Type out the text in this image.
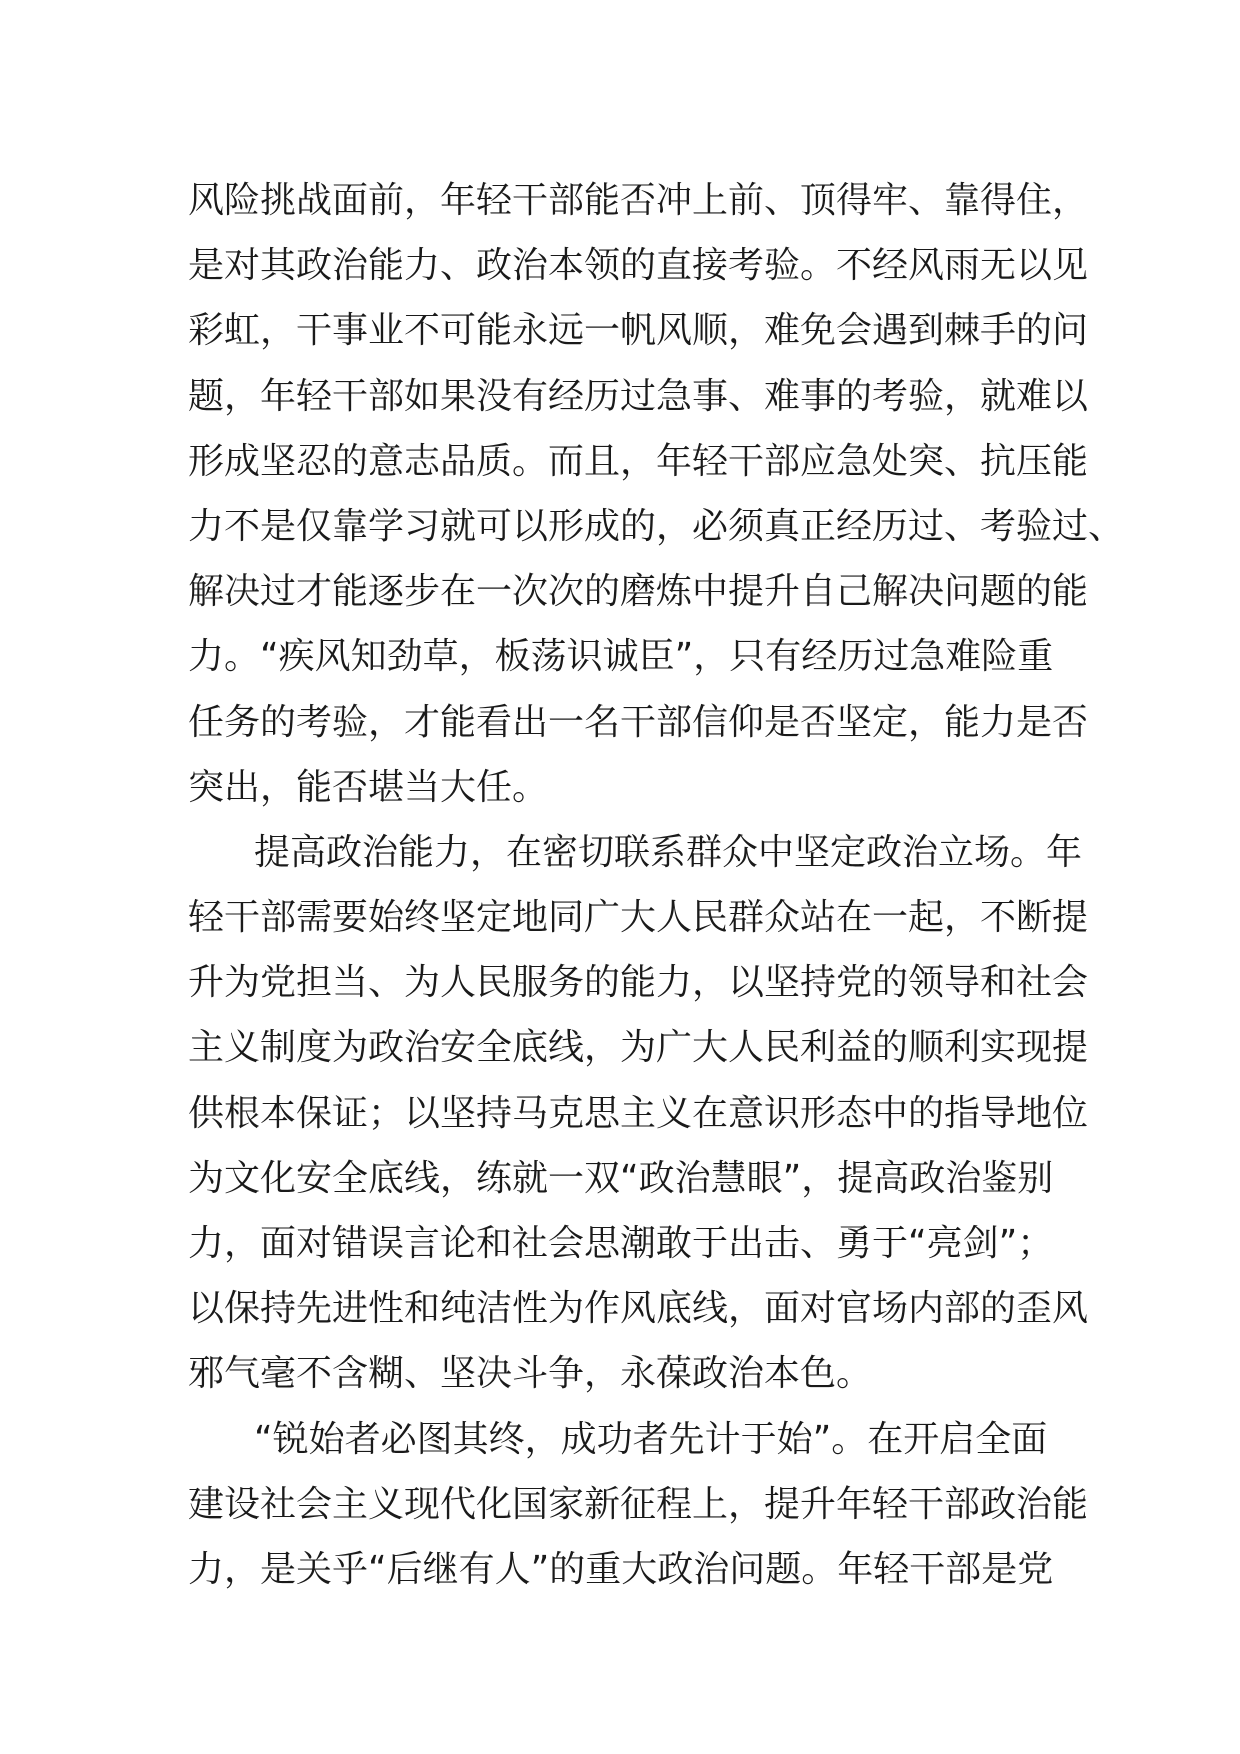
风险挑战面前，年轻干部能否冲上前、顶得牢、靠得住，
是对其政治能力、政治本领的直接考验。不经风雨无以见
彩虹，干事业不可能永远一帆风顺，难免会遇到棘手的问
题，年轻干部如果没有经历过急事、难事的考验，就难以
形成坚忍的意志品质。而且，年轻干部应急处突、抗压能
力不是仅靠学习就可以形成的，必须真正经历过、考验过、
解决过才能逐步在一次次的磨炼中提升自己解决问题的能
力。“疾风知劲草，板荡识诚臣”，只有经历过急难险重
任务的考验，才能看出一名干部信仰是否坚定，能力是否
突出，能否堪当大任。
提高政治能力，在密切联系群众中坚定政治立场。年
轻干部需要始终坚定地同广大人民群众站在一起，不断提
升为党担当、为人民服务的能力，以坚持党的领导和社会
主义制度为政治安全底线，为广大人民利益的顺利实现提
供根本保证；以坚持马克思主义在意识形态中的指导地位
为文化安全底线，练就一双“政治慧眼”，提高政治鉴别
力，面对错误言论和社会思潮敢于出击、勇于“亮剑”；
以保持先进性和纯洁性为作风底线，面对官场内部的歪风
邪气毫不含糊、坚决斗争，永葆政治本色。
“锐始者必图其终，成功者先计于始”。在开启全面
建设社会主义现代化国家新征程上，提升年轻干部政治能
力，是关乎“后继有人”的重大政治问题。年轻干部是党
